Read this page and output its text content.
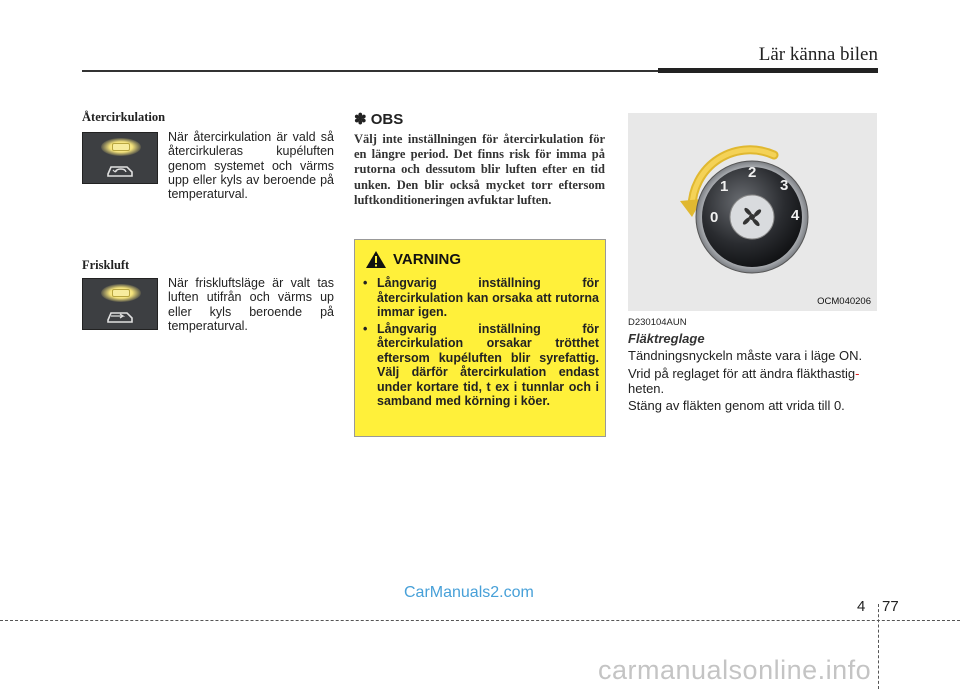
Lär känna bilen
Återcirkulation
När återcirkulation är vald så återcirkuleras kupéluften genom systemet och värms upp eller kyls av beroende på temperaturval.
Friskluft
När friskluftsläge är valt tas luften utifrån och värms up eller kyls beroende på temperaturval.
✽ OBS
Välj inte inställningen för återcirkulation för en längre period. Det finns risk för imma på rutorna och dessutom blir luften efter en tid unken. Den blir också mycket torr eftersom luftkonditioneringen avfuktar luften.
VARNING
• Långvarig inställning för återcirkulation kan orsaka att rutorna immar igen.
• Långvarig inställning för återcirkulation orsakar trötthet eftersom kupéluften blir syrefattig. Välj därför återcirkulation endast under kortare tid, t ex i tunnlar och i samband med körning i köer.
0
1
2
3
4
OCM040206
D230104AUN
Fläktreglage
Tändningsnyckeln måste vara i läge ON.
Vrid på reglaget för att ändra fläkthastig-
heten.
Stäng av fläkten genom att vrida till 0.
4 77
CarManuals2.com
carmanualsonline.info
